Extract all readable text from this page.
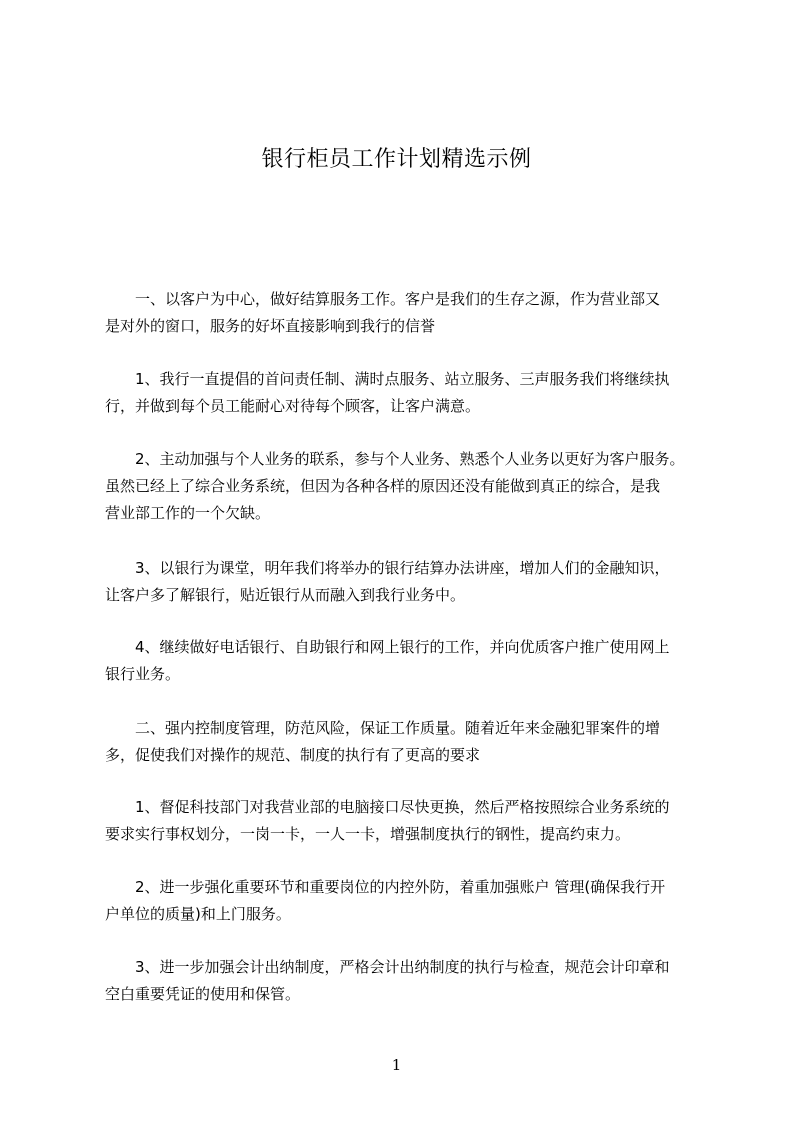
银行柜员工作计划精选示例

一、以客户为中心，做好结算服务工作。客户是我们的生存之源，作为营业部又
是对外的窗口，服务的好坏直接影响到我行的信誉

1、我行一直提倡的首问责任制、满时点服务、站立服务、三声服务我们将继续执
行，并做到每个员工能耐心对待每个顾客，让客户满意。

2、主动加强与个人业务的联系，参与个人业务、熟悉个人业务以更好为客户服务。
虽然已经上了综合业务系统，但因为各种各样的原因还没有能做到真正的综合，是我
营业部工作的一个欠缺。

3、以银行为课堂，明年我们将举办的银行结算办法讲座，增加人们的金融知识，
让客户多了解银行，贴近银行从而融入到我行业务中。

4、继续做好电话银行、自助银行和网上银行的工作，并向优质客户推广使用网上
银行业务。

二、强内控制度管理，防范风险，保证工作质量。随着近年来金融犯罪案件的增
多，促使我们对操作的规范、制度的执行有了更高的要求

1、督促科技部门对我营业部的电脑接口尽快更换，然后严格按照综合业务系统的
要求实行事权划分，一岗一卡，一人一卡，增强制度执行的钢性，提高约束力。

2、进一步强化重要环节和重要岗位的内控外防，着重加强账户 管理(确保我行开
户单位的质量)和上门服务。

3、进一步加强会计出纳制度，严格会计出纳制度的执行与检查，规范会计印章和
空白重要凭证的使用和保管。

1
